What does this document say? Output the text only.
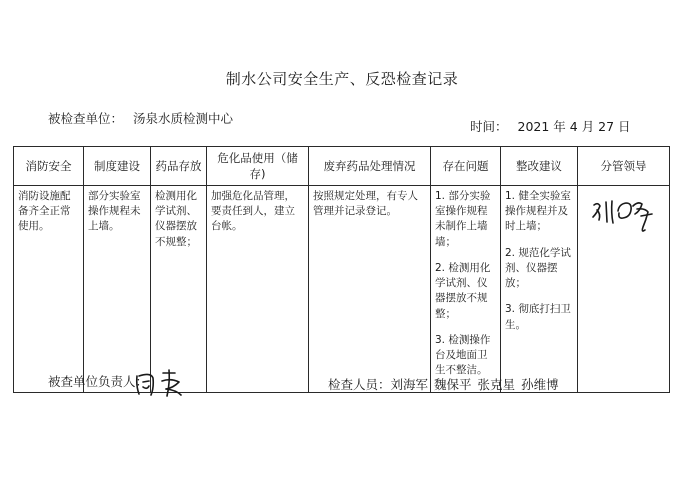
制水公司安全生产、反恐检查记录
被检查单位： 汤泉水质检测中心
时间： 2021 年 4 月 27 日
消防安全	制度建设	药品存放	危化品使用（储存)	废弃药品处理情况	存在问题	整改建议	分管领导
消防设施配备齐全正常使用。	部分实验室操作规程未上墙。	检测用化学试剂、仪器摆放不规整；	加强危化品管理，要责任到人，建立台帐。	按照规定处理，有专人管理并记录登记。	1. 部分实验室操作规程未制作上墙墙；
2. 检测用化学试剂、仪器摆放不规整；
3. 检测操作台及地面卫生不整洁。	1. 健全实验室操作规程并及时上墙；
2. 规范化学试剂、仪器摆放；
3. 彻底打扫卫生。

被查单位负责人：	检查人员：刘海军 魏保平 张克星 孙维博
